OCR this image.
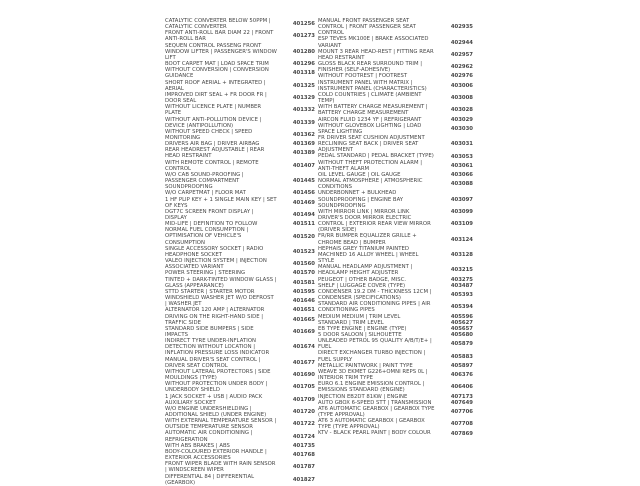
CATALYTIC CONVERTER BELOW 50PPM | CATALYTIC CONVERTER	401256
FRONT ANTI-ROLL BAR DIAM 22 | FRONT ANTI-ROLL BAR	401273
SEQUEN CONTROL PASSENG FRONT WINDOW LIFTER | PASSENGER'S WINDOW LIFT
401280
BOOT CARPET MAT | LOAD SPACE TRIM	401296
WITHOUT CONVERSION | CONVERSION GUIDANCE	401318
SHORT ROOF AERIAL + INTEGRATED | AERIAL	401325
IMPROVED DIRT SEAL + FR DOOR FR | DOOR SEAL	401329
WITHOUT LICENCE PLATE | NUMBER PLATE	401332
WITHOUT ANTI-POLLUTION DEVICE | DEVICE (ANTIPOLLUTION)	401339
WITHOUT SPEED CHECK | SPEED MONITORING	401362
DRIVERS AIR BAG | DRIVER AIRBAG	401369
REAR HEADREST ADJUSTABLE | REAR HEAD RESTRAINT	401389
WITH REMOTE CONTROL | REMOTE CONTROL	401407
W/O CAB SOUND-PROOFING | PASSENGER COMPARTMENT SOUNDPROOFING
401445
W/O CARPETMAT | FLOOR MAT	401456
1 HF PLIP KEY + 1 SINGLE MAIN KEY | SET OF KEYS	401469
DGT7C SCREEN FRONT DISPLAY | DISPLAY	401494
MID-LIFE | DEFINITION TO FOLLOW	401511
NORMAL FUEL CONSUMPTION | OPTIMISATION OF VEHICLE'S CONSUMPTION
401520
SINGLE ACCESSORY SOCKET | RADIO HEADPHONE SOCKET	401523
VALEO INJECTION SYSTEM | INJECTION ASSOCIATED VARIANT	401560
POWER STEERING | STEERING	401570
TINTED + DARK-TINTED WINDOW GLASS | GLASS (APPEARANCE)	401581
STTD STARTER | STARTER MOTOR	401595
WINDSHIELD WASHER JET W/O DEFROST | WASHER JET	401646
ALTERNATOR 120 AMP | ALTERNATOR	401651
DRIVING ON THE RIGHT-HAND SIDE | TRAFFIC SIDE	401665
STANDARD SIDE BUMPERS | SIDE IMPACTS	401669
INDIRECT TYRE UNDER-INFLATION DETECTION WITHOUT LOCATION | INFLATION PRESSURE LOSS INDICATOR
401674
MANUAL DRIVER'S SEAT CONTROL | DRIVER SEAT CONTROL	401677
WITHOUT LATERAL PROTECTORS | SIDE MOULDINGS (TYPE)	401690
WITHOUT PROTECTION UNDER BODY | UNDERBODY SHIELD	401705
1 JACK SOCKET + USB | AUDIO PACK AUXILIARY SOCKET	401709
W/O ENGINE UNDERSHIELDING | ADDITIONAL SHIELD (UNDER ENGINE)	401720
WITH EXTERNAL TEMPERATURE SENSOR | OUTSIDE TEMPERATURE SENSOR	401722
AUTOMATIC AIR CONDITIONING | REFRIGERATION	401724
WITH ABS BRAKES | ABS	401735
BODY-COLOURED EXTERIOR HANDLE | EXTERIOR ACCESSORIES	401768
FRONT WIPER BLADE WITH RAIN SENSOR | WINDSCREEN WIPER	401787
DIFFERENTIAL 84 | DIFFERENTIAL (GEARBOX)	401827
MANUAL FRONT PASSENGER SEAT CONTROL | FRONT PASSENGER SEAT CONTROL
402935
ESP TEVES MK100E | BRAKE ASSOCIATED VARIANT	402944
MOUNT 3 REAR HEAD-REST | FITTING REAR HEAD RESTRAINT	402957
GLOSS BLACK REAR SURROUND TRIM | FINISHER (SELF-ADHESIVE)	402962
WITHOUT FOOTREST | FOOTREST	402976
INSTRUMENT PANEL WITH MATRIX | INSTRUMENT PANEL (CHARACTERISTICS)	403006
COLD COUNTRIES | CLIMATE (AMBIENT TEMP)	403008
WITH BATTERY CHARGE MEASUREMENT | BATTERY CHARGE MEASUREMENT	403028
AIRCON FLUID 1234 YF | REFRIGERANT	403029
WITHOUT GLOVEBOX LIGHTING | LOAD SPACE LIGHTING	403030
FR DRIVER SEAT CUSHION ADJUSTMENT RECLINING SEAT BACK | DRIVER SEAT ADJUSTMENT
403031
PEDAL STANDARD | PEDAL BRACKET (TYPE)	403053
WITHOUT THEFT PROTECTION ALARM | ANTI-THEFT ALARM	403061
OIL LEVEL GAUGE | OIL GAUGE	403066
NORMAL ATMOSPHERE | ATMOSPHERIC CONDITIONS	403088
UNDERBONNET + BULKHEAD SOUNDPROOFING | ENGINE BAY SOUNDPROOFING
403097
WITH MIRROR LINK | MIRROR LINK	403099
DRIVER'S DOOR MIRROR ELECTRIC CONTROL | EXTERIOR REAR VIEW MIRROR (DRIVER SIDE)
403109
FR/RR BUMPER EQUALIZER GRILLE + CHROME BEAD | BUMPER	403124
HEPHAIS GREY TITANIUM PAINTED MACHINED 16 ALLOY WHEEL | WHEEL STYLE
403128
MANUAL HEADLAMP ADJUSTMENT | HEADLAMP HEIGHT ADJUSTER	403215
PEUGEOT | OTHER BADGE, MISC.	403275
SHELF | LUGGAGE COVER (TYPE)	403487
CONDENSER 19.2 DM - THICKNESS 12CM | CONDENSER (SPECIFICATIONS)	405393
STANDARD AIR CONDITIONING PIPES | AIR CONDITIONING PIPES	405394
MEDIUM MEDIUM | TRIM LEVEL	405596
STANDARD | TRIM LEVEL	405627
EB TYPE ENGINE | ENGINE (TYPE)	405657
5 DOOR SALOON | SILHOUETTE	405680
UNLEADED PETROL 95 QUALITY A/B/T/E+ | FUEL	405879
DIRECT EXCHANGER TURBO INJECTION | FUEL SUPPLY	405883
METALLIC PAINTWORK | PAINT TYPE	405897
WEAVE 3D EKMET G226+OMNI REPS 0L | INTERIOR TRIM TYPE	406376
EURO 6.1 ENGINE EMISSION CONTROL | EMISSIONS STANDARD (ENGINE)	406406
INJECTION EB2DT 81KW | ENGINE	407173
AUTO GBOX 6-SPEED STT | TRANSMISSION	407649
AT6 AUTOMATIC GEARBOX | GEARBOX TYPE (TYPE APPROVAL)	407706
AT6 3 AUTOMATIC GEARBOX | GEARBOX TYPE (TYPE APPROVAL)	407708
KTV - BLACK PEARL PAINT | BODY COLOUR	407869
